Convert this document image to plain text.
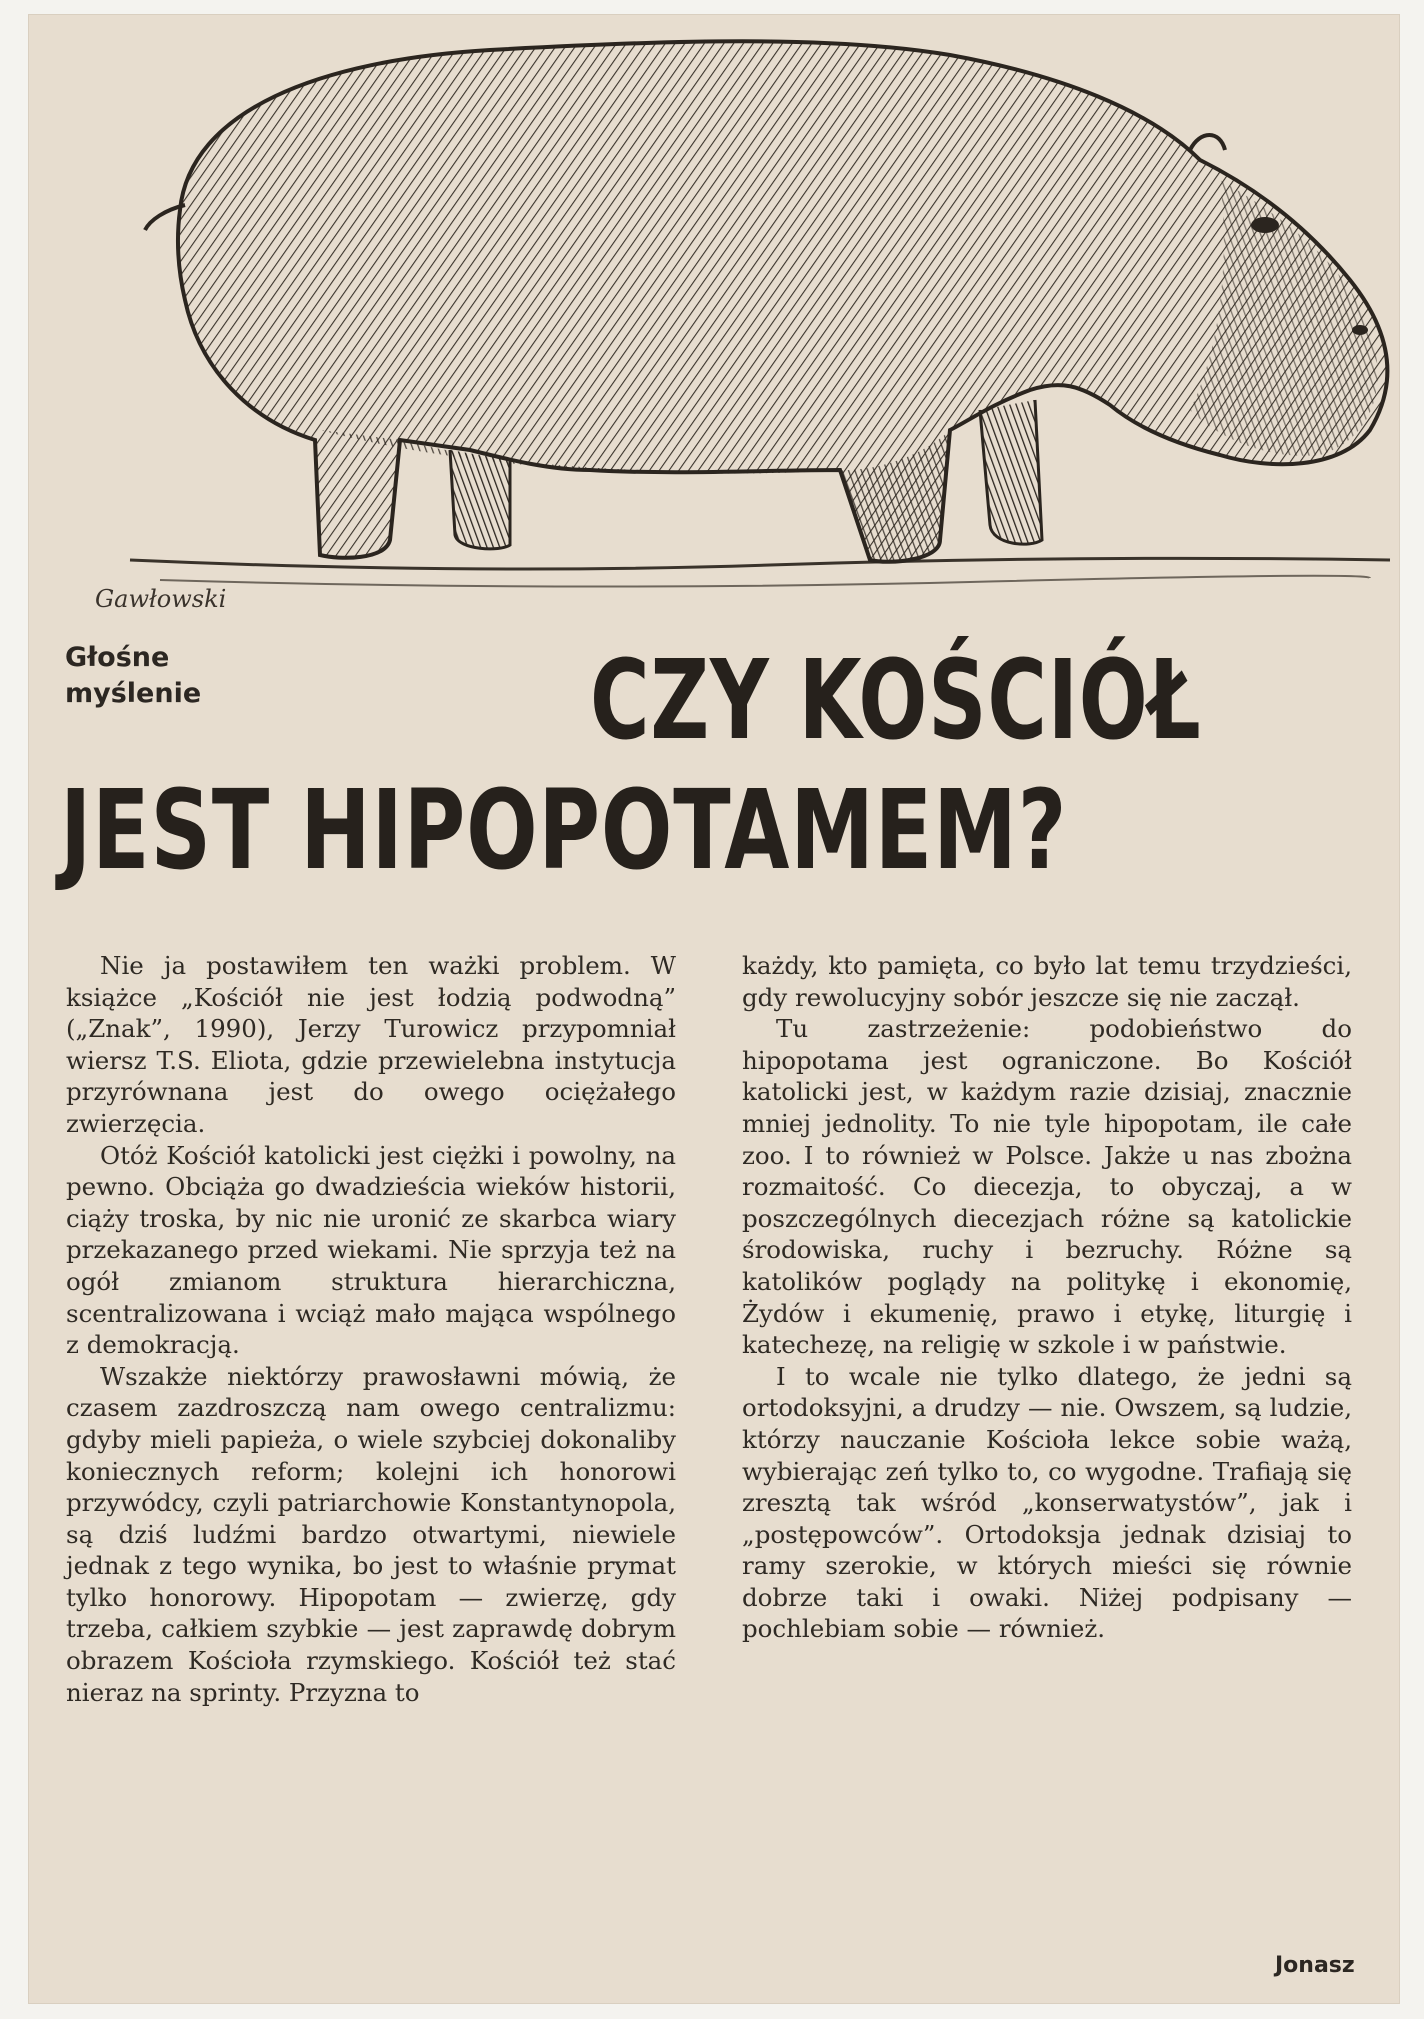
Gawłowski
Głośne
myślenie	CZY KOŚCIÓŁ
JEST HIPOPOTAMEM?

Nie ja postawiłem ten ważki problem. W książce „Kościół nie jest łodzią podwodną” („Znak”, 1990), Jerzy Turowicz przypomniał wiersz T.S. Eliota, gdzie przewielebna instytucja przyrównana jest do owego ociężałego zwierzęcia.

Otóż Kościół katolicki jest ciężki i powolny, na pewno. Obciąża go dwadzieścia wieków historii, ciąży troska, by nic nie uronić ze skarbca wiary przekazanego przed wiekami. Nie sprzyja też na ogół zmianom struktura hierarchiczna, scentralizowana i wciąż mało mająca wspólnego z demokracją.

Wszakże niektórzy prawosławni mówią, że czasem zazdroszczą nam owego centralizmu: gdyby mieli papieża, o wiele szybciej dokonaliby koniecznych reform; kolejni ich honorowi przywódcy, czyli patriarchowie Konstantynopola, są dziś ludźmi bardzo otwartymi, niewiele jednak z tego wynika, bo jest to właśnie prymat tylko honorowy. Hipopotam — zwierzę, gdy trzeba, całkiem szybkie — jest zaprawdę dobrym obrazem Kościoła rzymskiego. Kościół też stać nieraz na sprinty. Przyzna to

każdy, kto pamięta, co było lat temu trzydzieści, gdy rewolucyjny sobór jeszcze się nie zaczął.

Tu zastrzeżenie: podobieństwo do hipopotama jest ograniczone. Bo Kościół katolicki jest, w każdym razie dzisiaj, znacznie mniej jednolity. To nie tyle hipopotam, ile całe zoo. I to również w Polsce. Jakże u nas zbożna rozmaitość. Co diecezja, to obyczaj, a w poszczególnych diecezjach różne są katolickie środowiska, ruchy i bezruchy. Różne są katolików poglądy na politykę i ekonomię, Żydów i ekumenię, prawo i etykę, liturgię i katechezę, na religię w szkole i w państwie.

I to wcale nie tylko dlatego, że jedni są ortodoksyjni, a drudzy — nie. Owszem, są ludzie, którzy nauczanie Kościoła lekce sobie ważą, wybierając zeń tylko to, co wygodne. Trafiają się zresztą tak wśród „konserwatystów”, jak i „postępowców”. Ortodoksja jednak dzisiaj to ramy szerokie, w których mieści się równie dobrze taki i owaki. Niżej podpisany — pochlebiam sobie — również.

Jonasz
